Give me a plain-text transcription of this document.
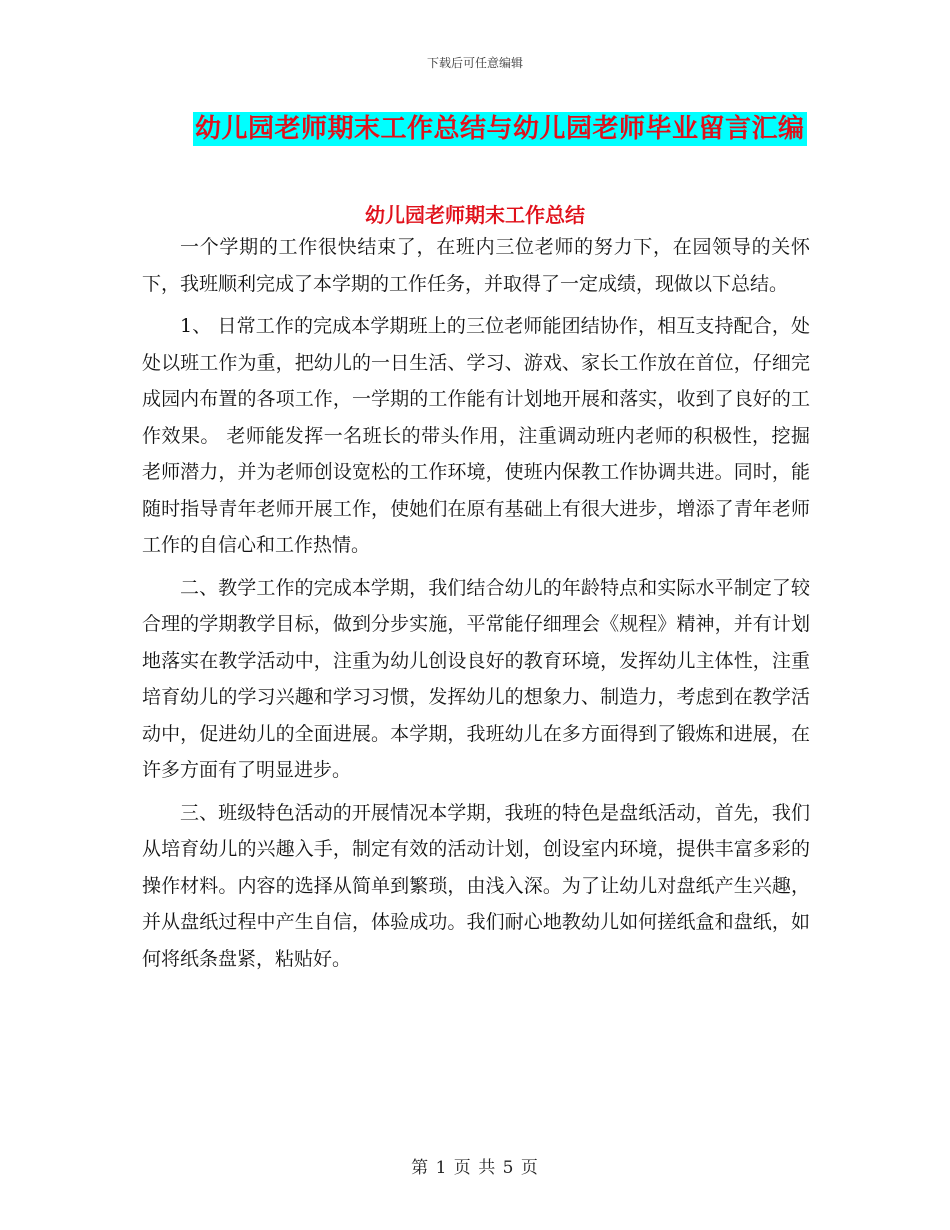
下载后可任意编辑
幼儿园老师期末工作总结与幼儿园老师毕业留言汇编
幼儿园老师期末工作总结

一个学期的工作很快结束了，在班内三位老师的努力下，在园领导的关怀下，我班顺利完成了本学期的工作任务，并取得了一定成绩，现做以下总结。

1、 日常工作的完成本学期班上的三位老师能团结协作，相互支持配合，处处以班工作为重，把幼儿的一日生活、学习、游戏、家长工作放在首位，仔细完成园内布置的各项工作，一学期的工作能有计划地开展和落实，收到了良好的工作效果。 老师能发挥一名班长的带头作用，注重调动班内老师的积极性，挖掘老师潜力，并为老师创设宽松的工作环境，使班内保教工作协调共进。同时，能随时指导青年老师开展工作，使她们在原有基础上有很大进步，增添了青年老师工作的自信心和工作热情。

二、教学工作的完成本学期，我们结合幼儿的年龄特点和实际水平制定了较合理的学期教学目标，做到分步实施，平常能仔细理会《规程》精神，并有计划地落实在教学活动中，注重为幼儿创设良好的教育环境，发挥幼儿主体性，注重培育幼儿的学习兴趣和学习习惯，发挥幼儿的想象力、制造力，考虑到在教学活动中，促进幼儿的全面进展。本学期，我班幼儿在多方面得到了锻炼和进展，在许多方面有了明显进步。

三、班级特色活动的开展情况本学期，我班的特色是盘纸活动，首先，我们从培育幼儿的兴趣入手，制定有效的活动计划，创设室内环境，提供丰富多彩的操作材料。内容的选择从简单到繁琐，由浅入深。为了让幼儿对盘纸产生兴趣，并从盘纸过程中产生自信，体验成功。我们耐心地教幼儿如何搓纸盒和盘纸，如何将纸条盘紧，粘贴好。

第 1 页 共 5 页
